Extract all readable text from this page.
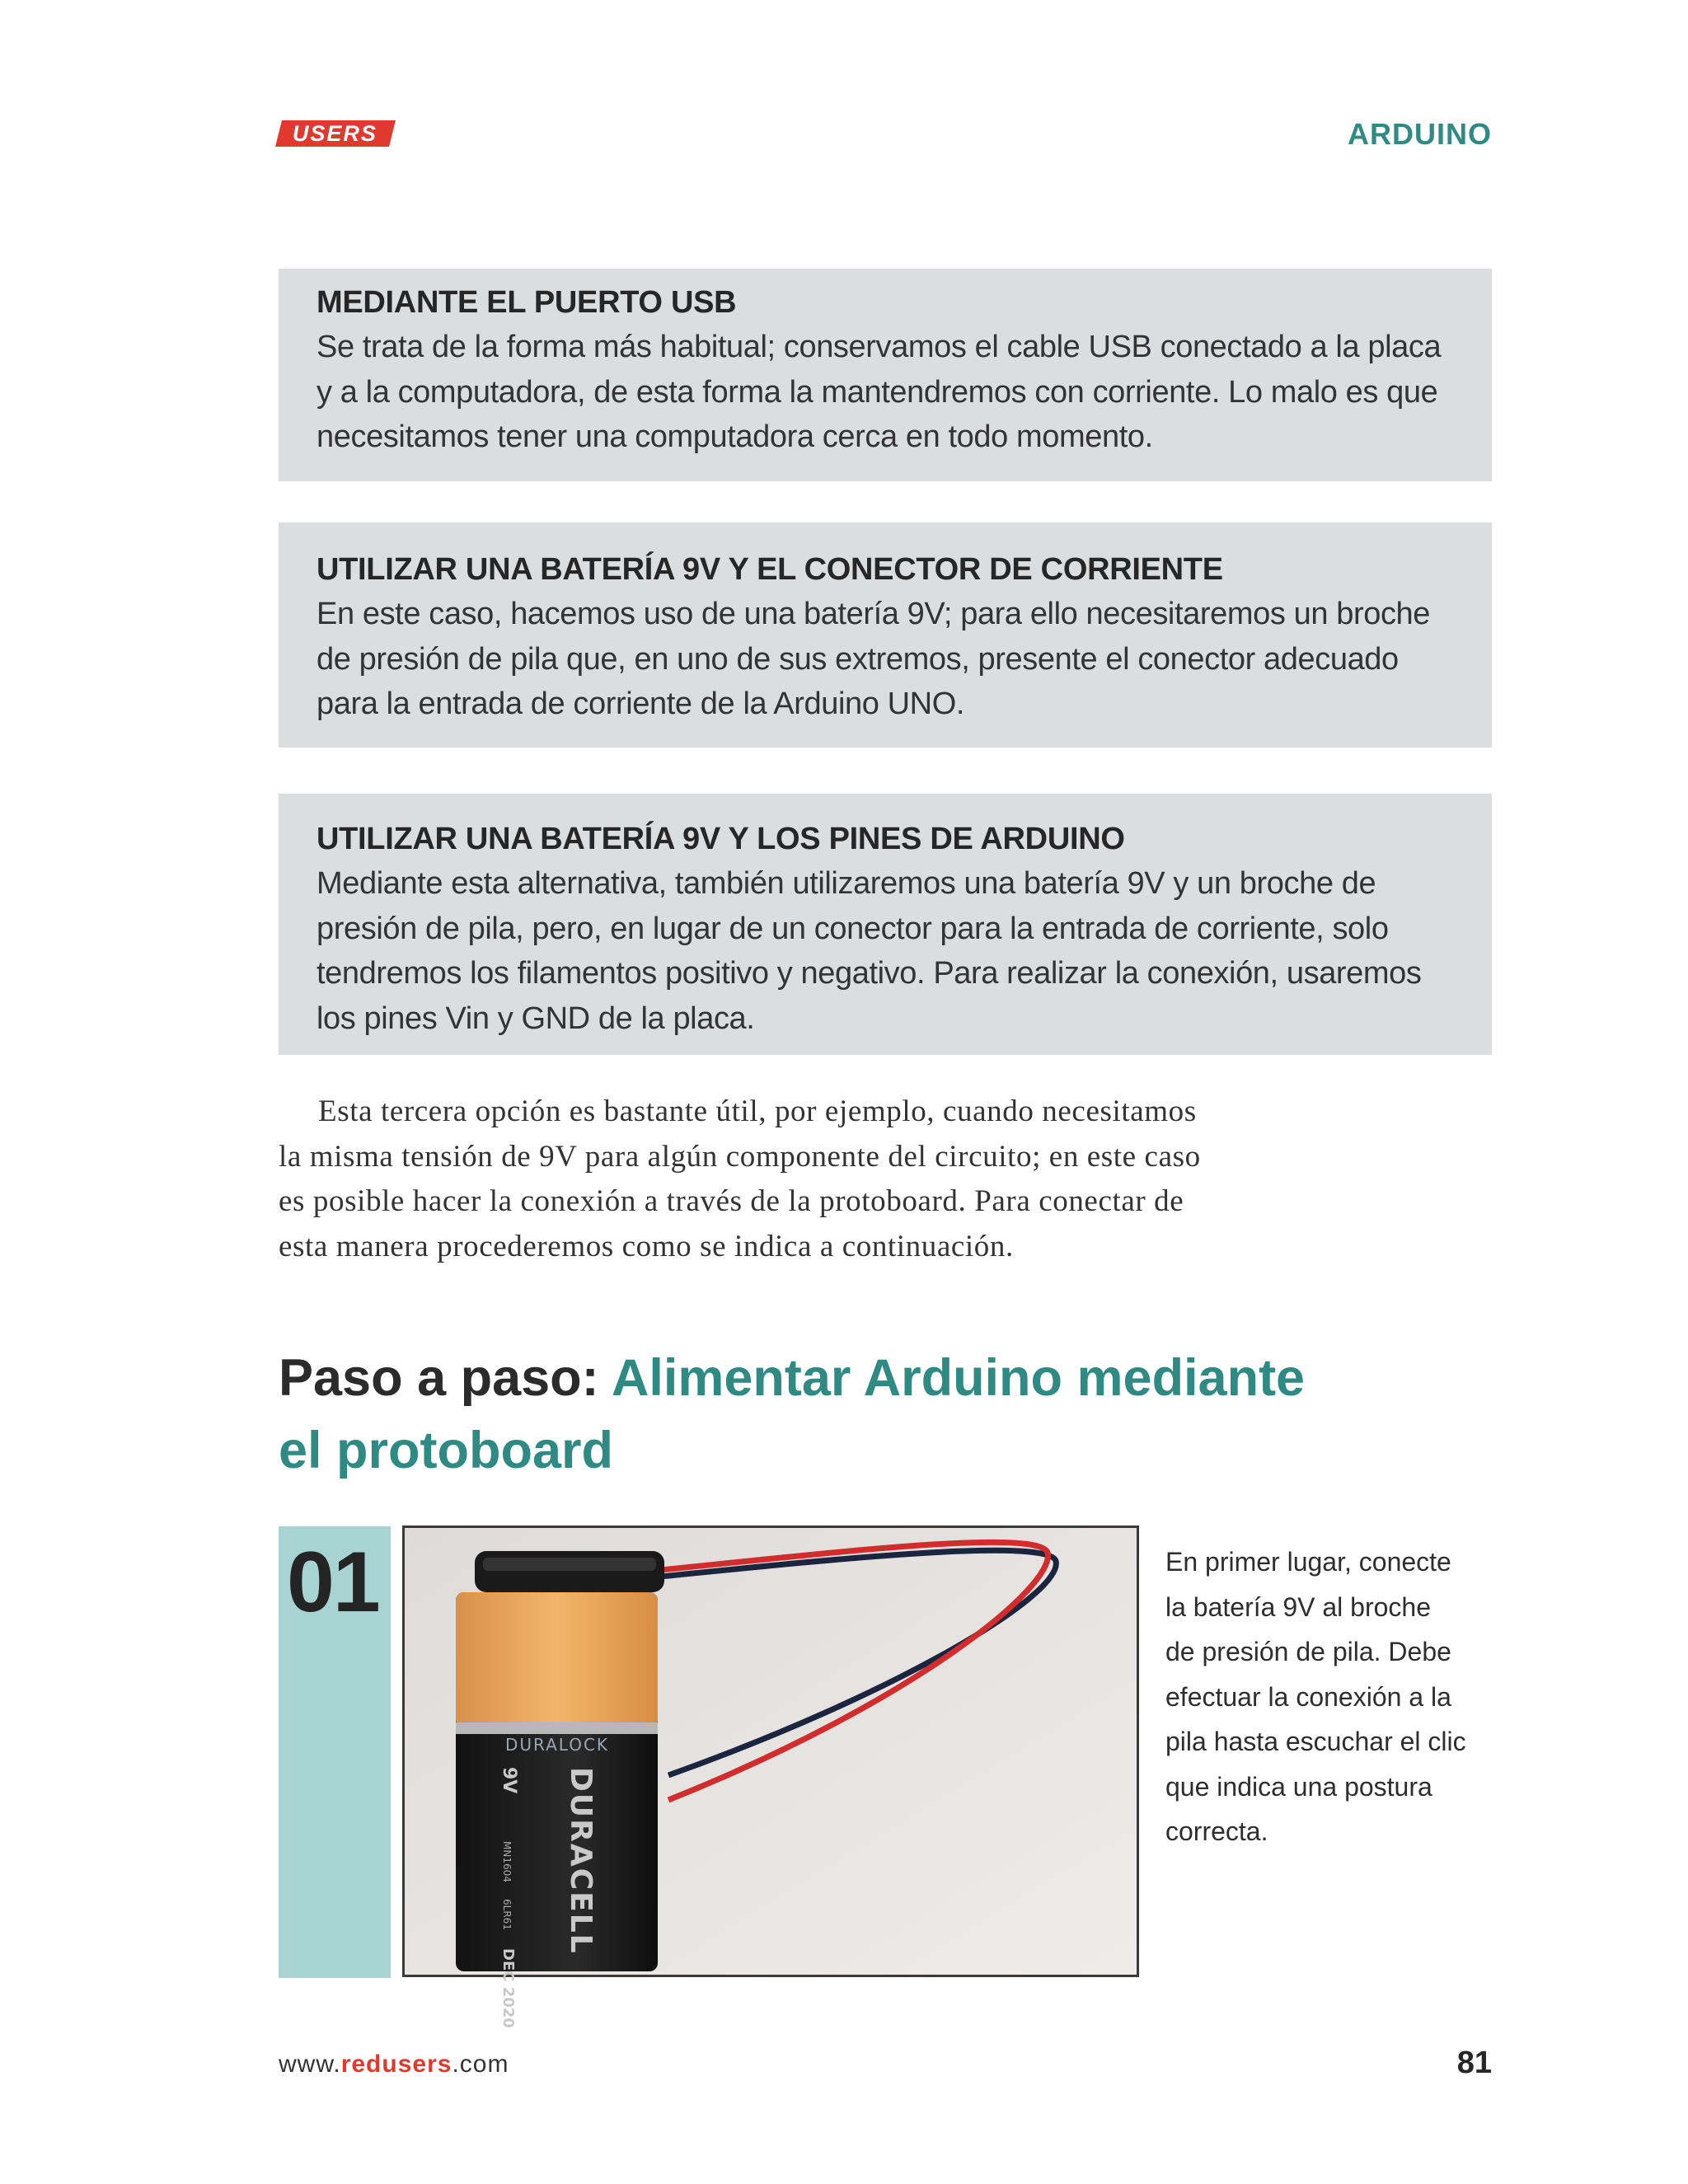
USERS	ARDUINO
MEDIANTE EL PUERTO USB

Se trata de la forma más habitual; conservamos el cable USB conectado a la placa

y a la computadora, de esta forma la mantendremos con corriente. Lo malo es que

necesitamos tener una computadora cerca en todo momento.

UTILIZAR UNA BATERÍA 9V Y EL CONECTOR DE CORRIENTE

En este caso, hacemos uso de una batería 9V; para ello necesitaremos un broche

de presión de pila que, en uno de sus extremos, presente el conector adecuado

para la entrada de corriente de la Arduino UNO.

UTILIZAR UNA BATERÍA 9V Y LOS PINES DE ARDUINO

Mediante esta alternativa, también utilizaremos una batería 9V y un broche de

presión de pila, pero, en lugar de un conector para la entrada de corriente, solo

tendremos los filamentos positivo y negativo. Para realizar la conexión, usaremos

los pines Vin y GND de la placa.

Esta tercera opción es bastante útil, por ejemplo, cuando necesitamos
la misma tensión de 9V para algún componente del circuito; en este caso
es posible hacer la conexión a través de la protoboard. Para conectar de
esta manera procederemos como se indica a continuación.
Paso a paso: Alimentar Arduino mediante
el protoboard
01
DURALOCK
DURACELL
9V
MN1604
6LR61
DEC 2020
En primer lugar, conecte
la batería 9V al broche
de presión de pila. Debe
efectuar la conexión a la
pila hasta escuchar el clic
que indica una postura
correcta.
www.redusers.com	81
